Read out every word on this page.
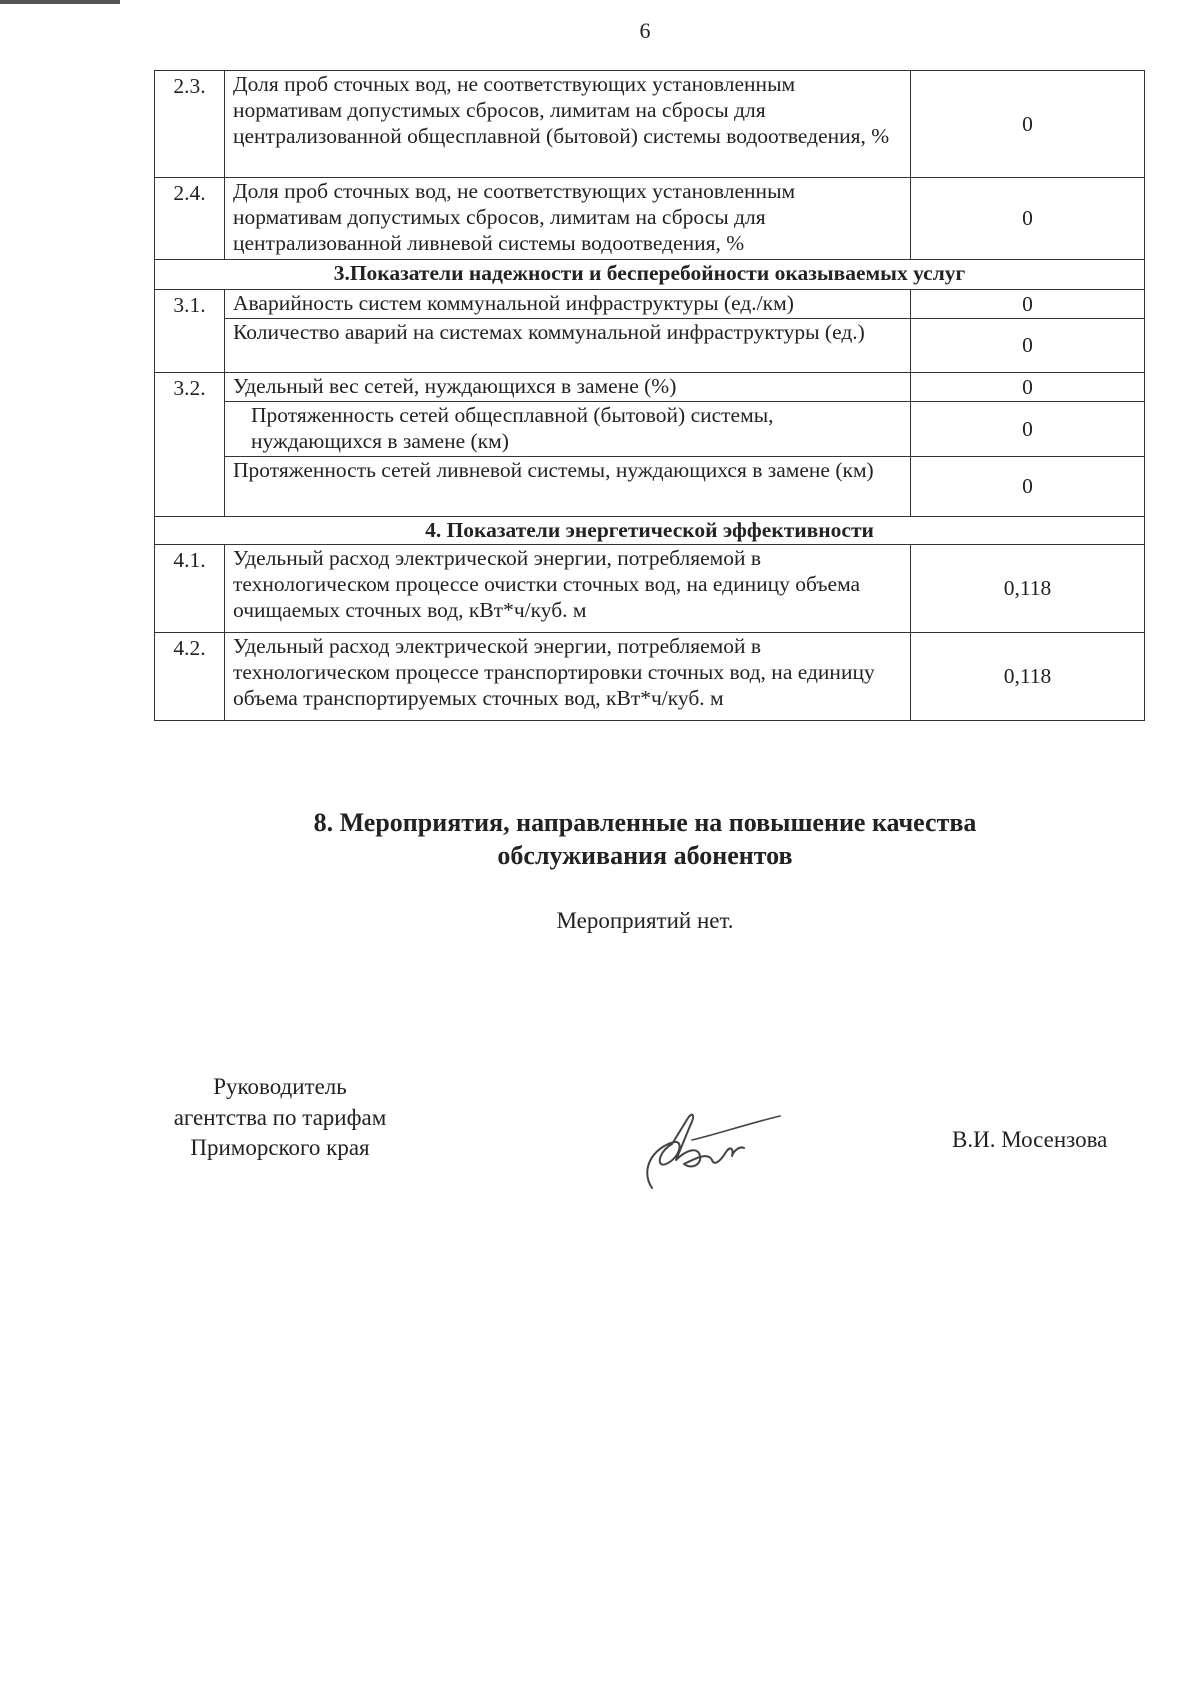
6
2.3.	Доля проб сточных вод, не соответствующих установленным нормативам допустимых сбросов, лимитам на сбросы для централизованной общесплавной (бытовой) системы водоотведения, %	0
2.4.	Доля проб сточных вод, не соответствующих установленным нормативам допустимых сбросов, лимитам на сбросы для централизованной ливневой системы водоотведения, %	0
3.Показатели надежности и бесперебойности оказываемых услуг		
3.1.	Аварийность систем коммунальной инфраструктуры (ед./км)	0
	Количество аварий на системах коммунальной инфраструктуры (ед.)	0
3.2.	Удельный вес сетей, нуждающихся в замене (%)	0
	Протяженность сетей общесплавной (бытовой) системы, нуждающихся в замене (км)	0
	Протяженность сетей ливневой системы, нуждающихся в замене (км)	0
4. Показатели энергетической эффективности		
4.1.	Удельный расход электрической энергии, потребляемой в технологическом процессе очистки сточных вод, на единицу объема очищаемых сточных вод, кВт*ч/куб. м	0,118
4.2.	Удельный расход электрической энергии, потребляемой в технологическом процессе транспортировки сточных вод, на единицу объема транспортируемых сточных вод, кВт*ч/куб. м	0,118
8. Мероприятия, направленные на повышение качества
обслуживания абонентов
Мероприятий нет.
Руководитель
агентства по тарифам
Приморского края	В.И. Мосензова
